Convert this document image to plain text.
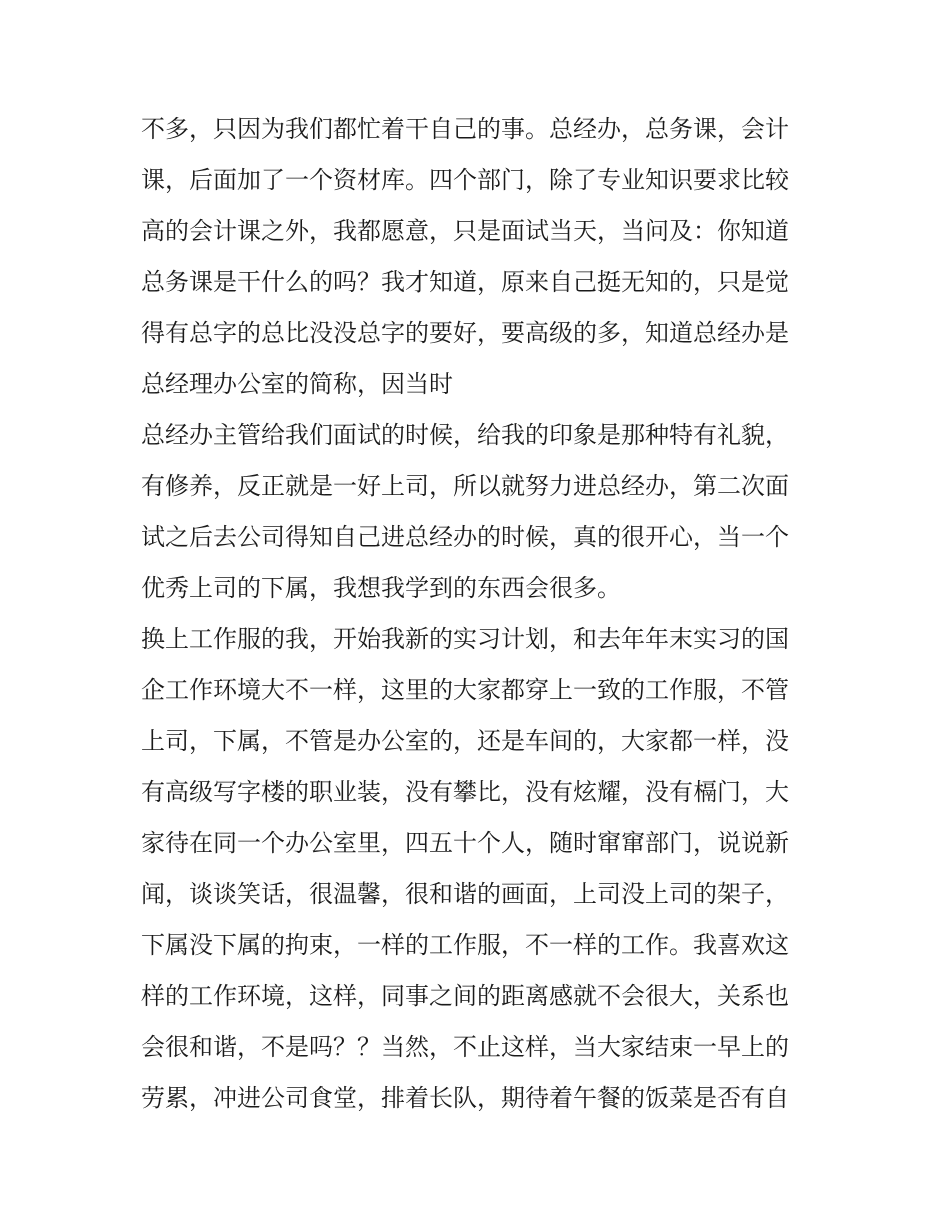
不多，只因为我们都忙着干自己的事。总经办，总务课，会计
课，后面加了一个资材库。四个部门，除了专业知识要求比较
高的会计课之外，我都愿意，只是面试当天，当问及：你知道
总务课是干什么的吗？我才知道，原来自己挺无知的，只是觉
得有总字的总比没没总字的要好，要高级的多，知道总经办是
总经理办公室的简称，因当时
总经办主管给我们面试的时候，给我的印象是那种特有礼貌，
有修养，反正就是一好上司，所以就努力进总经办，第二次面
试之后去公司得知自己进总经办的时候，真的很开心，当一个
优秀上司的下属，我想我学到的东西会很多。
换上工作服的我，开始我新的实习计划，和去年年末实习的国
企工作环境大不一样，这里的大家都穿上一致的工作服，不管
上司，下属，不管是办公室的，还是车间的，大家都一样，没
有高级写字楼的职业装，没有攀比，没有炫耀，没有槅门，大
家待在同一个办公室里，四五十个人，随时窜窜部门，说说新
闻，谈谈笑话，很温馨，很和谐的画面，上司没上司的架子，
下属没下属的拘束，一样的工作服，不一样的工作。我喜欢这
样的工作环境，这样，同事之间的距离感就不会很大，关系也
会很和谐，不是吗？？当然，不止这样，当大家结束一早上的
劳累，冲进公司食堂，排着长队，期待着午餐的饭菜是否有自
